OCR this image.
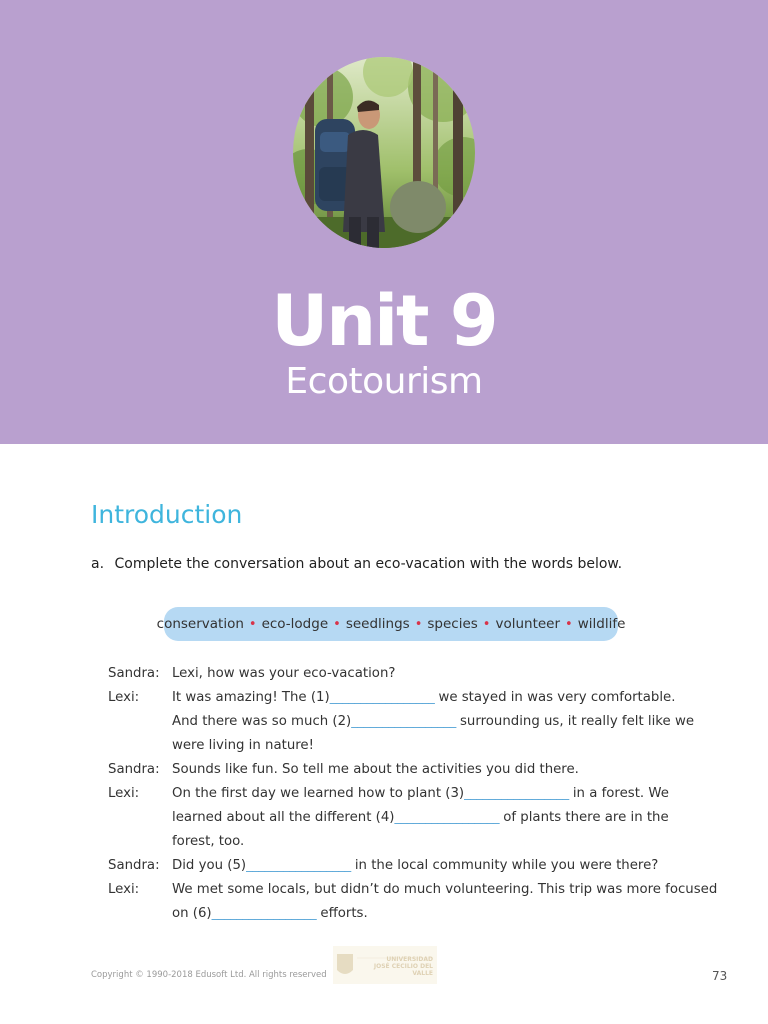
Unit 9
Ecotourism
Introduction
a. Complete the conversation about an eco-vacation with the words below.
conservation • eco-lodge • seedlings • species • volunteer • wildlife
Sandra: Lexi, how was your eco-vacation?
Lexi: It was amazing! The (1)_________________ we stayed in was very comfortable.
And there was so much (2)_________________ surrounding us, it really felt like we
were living in nature!
Sandra: Sounds like fun. So tell me about the activities you did there.
Lexi: On the first day we learned how to plant (3)_________________ in a forest. We
learned about all the different (4)_________________ of plants there are in the
forest, too.
Sandra: Did you (5)_________________ in the local community while you were there?
Lexi: We met some locals, but didn’t do much volunteering. This trip was more focused
on (6)_________________ efforts.
Copyright © 1990-2018 Edusoft Ltd. All rights reserved
UNIVERSIDAD
JOSÉ CECILIO DEL VALLE	73
